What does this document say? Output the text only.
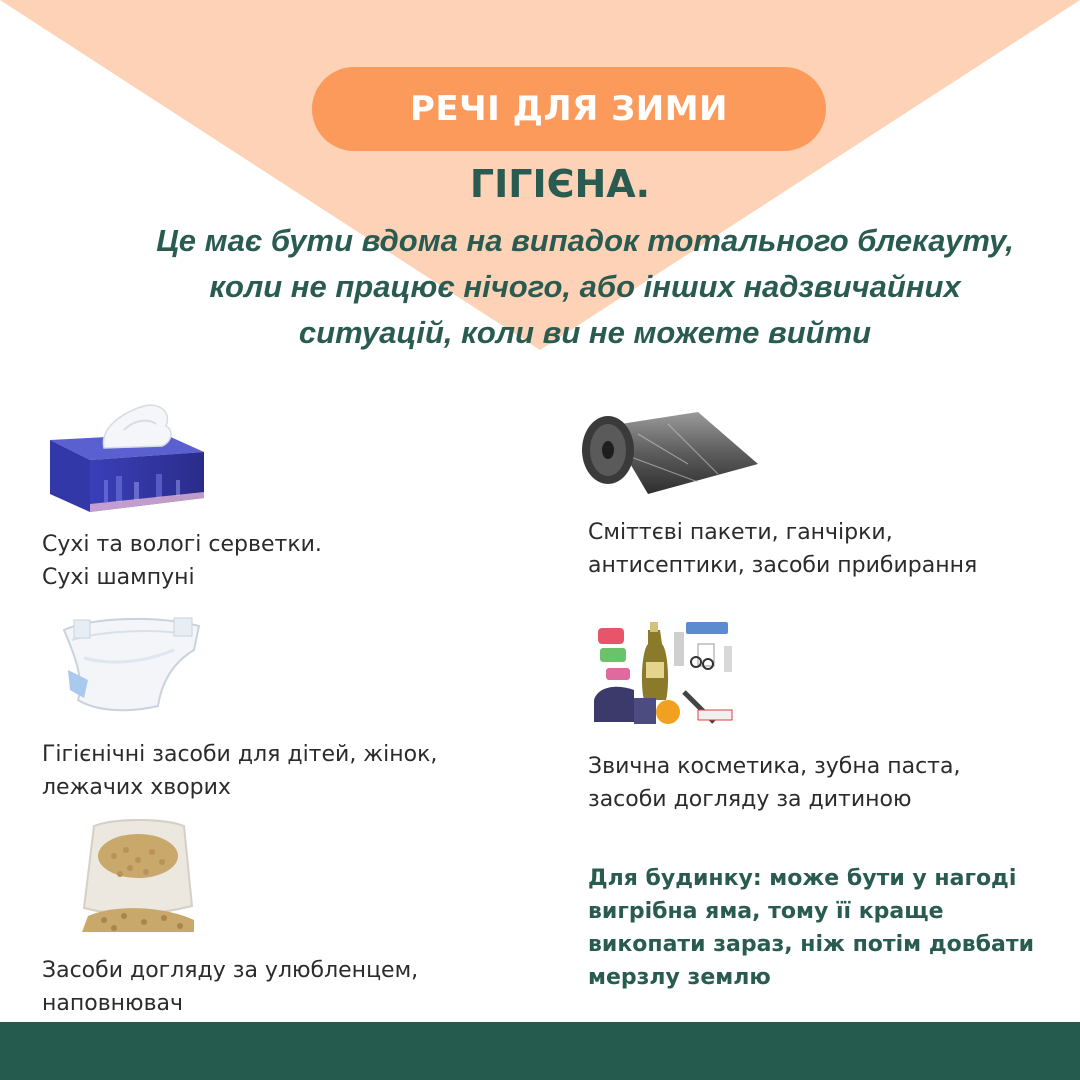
РЕЧІ ДЛЯ ЗИМИ
ГІГІЄНА.
Це має бути вдома на випадок тотального блекауту,
коли не працює нічого, або інших надзвичайних
ситуацій, коли ви не можете вийти
Сухі та вологі серветки.
Сухі шампуні
Сміттєві пакети, ганчірки,
антисептики, засоби прибирання
Гігієнічні засоби для дітей, жінок,
лежачих хворих
Звична косметика, зубна паста,
засоби догляду за дитиною
Засоби догляду за улюбленцем,
наповнювач
Для будинку: може бути у нагоді
вигрібна яма, тому її краще
викопати зараз, ніж потім довбати
мерзлу землю
